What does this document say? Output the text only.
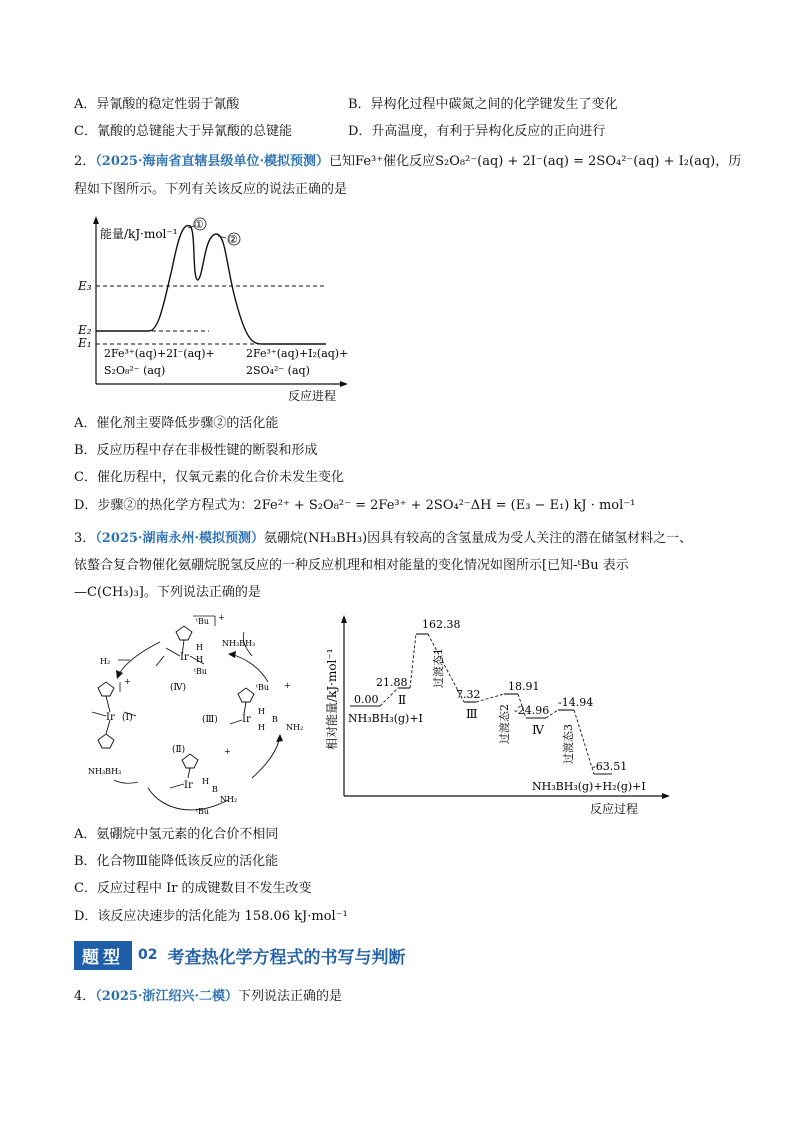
A．异氰酸的稳定性弱于氰酸	B．异构化过程中碳氮之间的化学键发生了变化
C．氰酸的总键能大于异氰酸的总键能	D．升高温度，有利于异构化反应的正向进行
2．（2025·海南省直辖县级单位·模拟预测）已知Fe³⁺催化反应S₂O₈²⁻(aq) + 2I⁻(aq) = 2SO₄²⁻(aq) + I₂(aq)，历
程如下图所示。下列有关该反应的说法正确的是
能量/kJ·mol⁻¹
反应进程
E₃
E₂
E₁
①
②
2Fe³⁺(aq)+2I⁻(aq)+
S₂O₈²⁻ (aq)
2Fe³⁺(aq)+I₂(aq)+
2SO₄²⁻ (aq)
A．催化剂主要降低步骤②的活化能
B．反应历程中存在非极性键的断裂和形成
C．催化历程中，仅氧元素的化合价未发生变化
D．步骤②的热化学方程式为：2Fe²⁺ + S₂O₈²⁻ = 2Fe³⁺ + 2SO₄²⁻ΔH = (E₃ − E₁) kJ · mol⁻¹
3．（2025·湖南永州·模拟预测）氨硼烷(NH₃BH₃)因具有较高的含氢量成为受人关注的潜在储氢材料之一、
铱螯合复合物催化氨硼烷脱氢反应的一种反应机理和相对能量的变化情况如图所示[已知-ᵗBu 表示
—C(CH₃)₃]。下列说法正确的是
Ir
H
H
ᵗBu
ᵗBu
+
(Ⅳ)
Ir
+
(Ⅰ)	Ir
H
H
B
NH₂
ᵗBu +
(Ⅲ)
Ir H
B
NH₂
ᵗBu
+
(Ⅱ)
H₂
NH₃BH₃
NH₃BH₃
相对能量/kJ·mol⁻¹
反应过程
0.00
21.88
162.38
7.32
18.91
-24.96
-14.94
-63.51
Ⅱ
Ⅲ
Ⅳ
过渡态1
过渡态2	过渡态3
NH₃BH₃(g)+I
NH₃BH₃(g)+H₂(g)+Ⅰ
A．氨硼烷中氢元素的化合价不相同
B．化合物Ⅲ能降低该反应的活化能
C．反应过程中 Ir 的成键数目不发生改变
D．该反应决速步的活化能为 158.06 kJ·mol⁻¹
题型	02 考查热化学方程式的书写与判断
4．（2025·浙江绍兴·二模）下列说法正确的是
